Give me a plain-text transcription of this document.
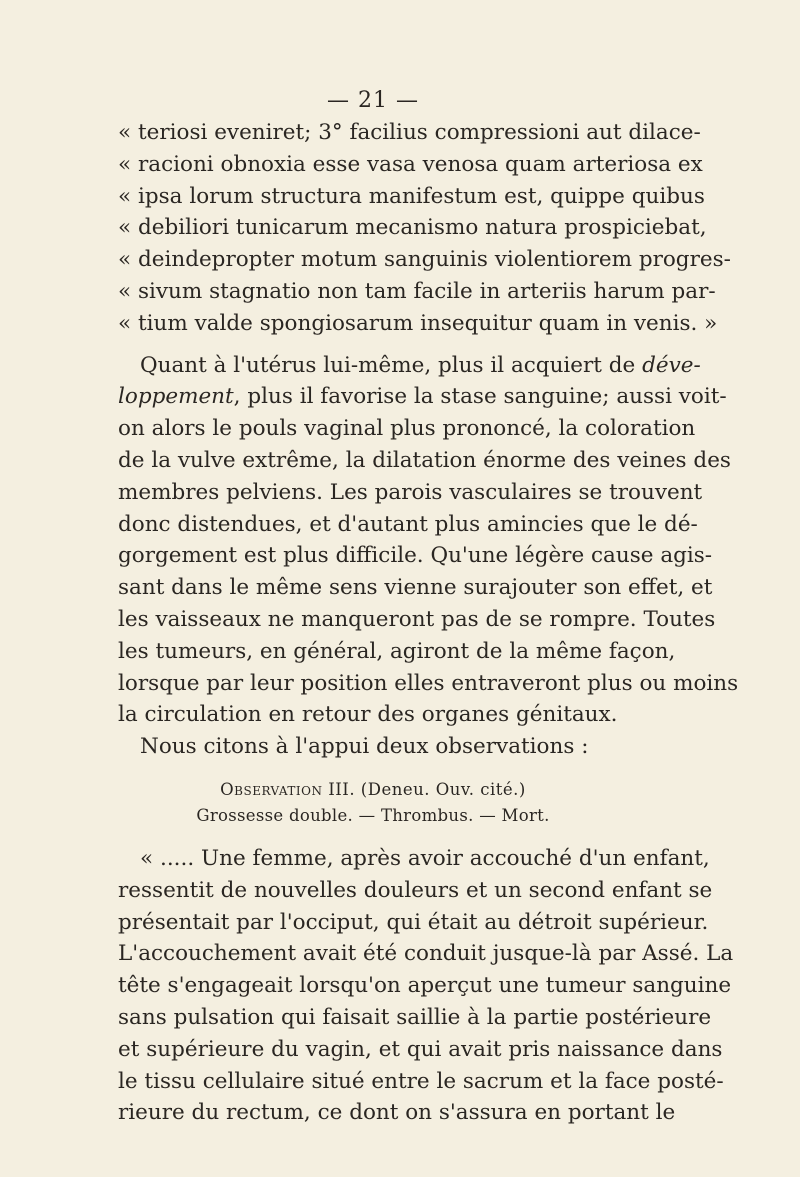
— 21 —
« teriosi eveniret; 3° facilius compressioni aut dilace-
« racioni obnoxia esse vasa venosa quam arteriosa ex
« ipsa lorum structura manifestum est, quippe quibus
« debiliori tunicarum mecanismo natura prospiciebat,
« deindepropter motum sanguinis violentiorem progres-
« sivum stagnatio non tam facile in arteriis harum par-
« tium valde spongiosarum insequitur quam in venis. »
Quant à l'utérus lui-même, plus il acquiert de déve-
loppement, plus il favorise la stase sanguine; aussi voit-
on alors le pouls vaginal plus prononcé, la coloration
de la vulve extrême, la dilatation énorme des veines des
membres pelviens. Les parois vasculaires se trouvent
donc distendues, et d'autant plus amincies que le dé-
gorgement est plus difficile. Qu'une légère cause agis-
sant dans le même sens vienne surajouter son effet, et
les vaisseaux ne manqueront pas de se rompre. Toutes
les tumeurs, en général, agiront de la même façon,
lorsque par leur position elles entraveront plus ou moins
la circulation en retour des organes génitaux.
Nous citons à l'appui deux observations :
Observation III. (Deneu. Ouv. cité.)
Grossesse double. — Thrombus. — Mort.
« ..... Une femme, après avoir accouché d'un enfant,
ressentit de nouvelles douleurs et un second enfant se
présentait par l'occiput, qui était au détroit supérieur.
L'accouchement avait été conduit jusque-là par Assé. La
tête s'engageait lorsqu'on aperçut une tumeur sanguine
sans pulsation qui faisait saillie à la partie postérieure
et supérieure du vagin, et qui avait pris naissance dans
le tissu cellulaire situé entre le sacrum et la face posté-
rieure du rectum, ce dont on s'assura en portant le
